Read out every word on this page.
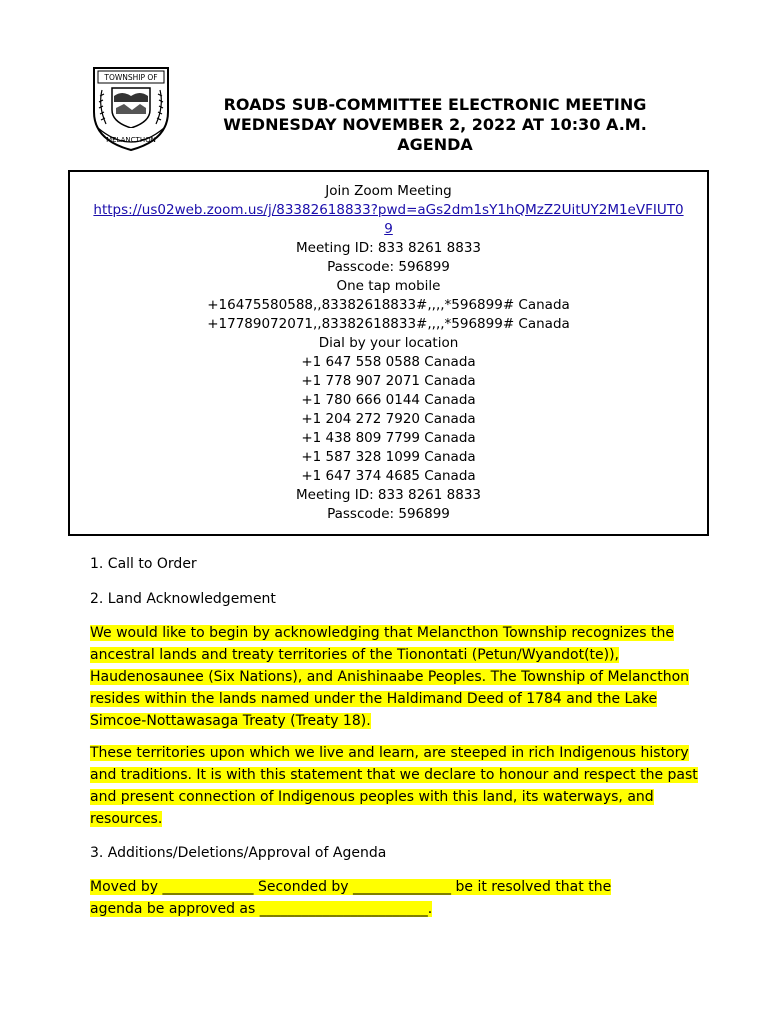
TOWNSHIP OF
MELANCTHON
ROADS SUB-COMMITTEE ELECTRONIC MEETING
WEDNESDAY NOVEMBER 2, 2022 AT 10:30 A.M.
AGENDA
Join Zoom Meeting
https://us02web.zoom.us/j/83382618833?pwd=aGs2dm1sY1hQMzZ2UitUY2M1eVFIUT0
9
Meeting ID: 833 8261 8833
Passcode: 596899
One tap mobile
+16475580588,,83382618833#,,,,*596899# Canada
+17789072071,,83382618833#,,,,*596899# Canada
Dial by your location
+1 647 558 0588 Canada
+1 778 907 2071 Canada
+1 780 666 0144 Canada
+1 204 272 7920 Canada
+1 438 809 7799 Canada
+1 587 328 1099 Canada
+1 647 374 4685 Canada
Meeting ID: 833 8261 8833
Passcode: 596899
1. Call to Order
2. Land Acknowledgement
We would like to begin by acknowledging that Melancthon Township recognizes the
ancestral lands and treaty territories of the Tionontati (Petun/Wyandot(te)),
Haudenosaunee (Six Nations), and Anishinaabe Peoples. The Township of Melancthon
resides within the lands named under the Haldimand Deed of 1784 and the Lake
Simcoe-Nottawasaga Treaty (Treaty 18).
These territories upon which we live and learn, are steeped in rich Indigenous history
and traditions. It is with this statement that we declare to honour and respect the past
and present connection of Indigenous peoples with this land, its waterways, and
resources.
3. Additions/Deletions/Approval of Agenda
Moved by _____________ Seconded by ______________ be it resolved that the
agenda be approved as ________________________.
